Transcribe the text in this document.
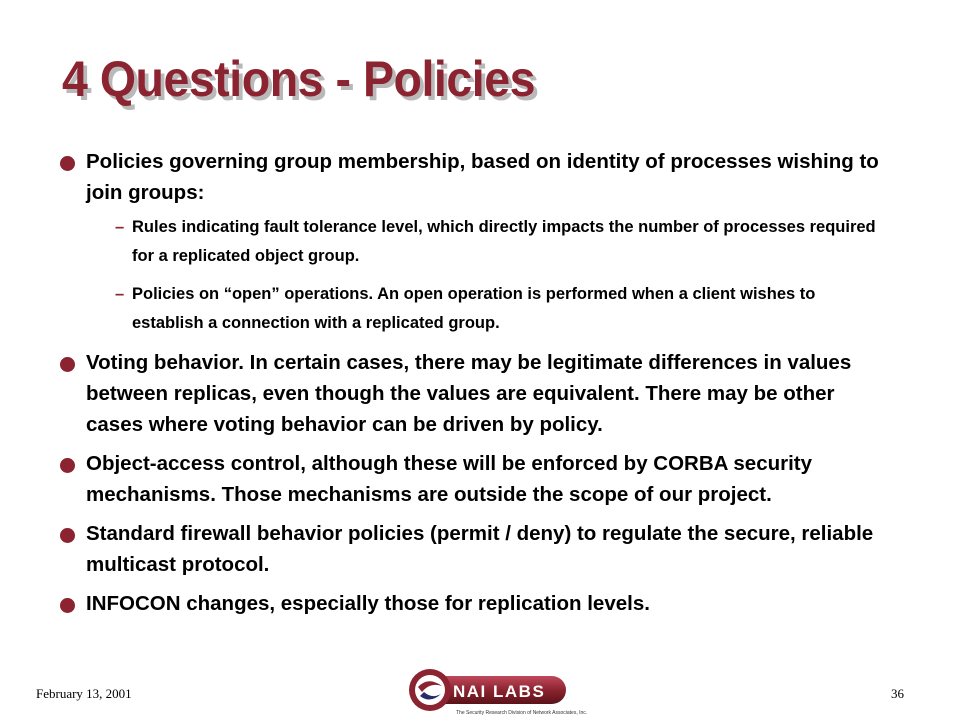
4 Questions - Policies
Policies governing group membership, based on identity of processes wishing to join groups:
– Rules indicating fault tolerance level, which directly impacts the number of processes required for a replicated object group.
– Policies on “open” operations. An open operation is performed when a client wishes to establish a connection with a replicated group.
Voting behavior. In certain cases, there may be legitimate differences in values between replicas, even though the values are equivalent. There may be other cases where voting behavior can be driven by policy.
Object-access control, although these will be enforced by CORBA security mechanisms. Those mechanisms are outside the scope of our project.
Standard firewall behavior policies (permit / deny) to regulate the secure, reliable multicast protocol.
INFOCON changes, especially those for replication levels.
February 13, 2001	NAI LABS
The Security Research Division of Network Associates, Inc.
36
